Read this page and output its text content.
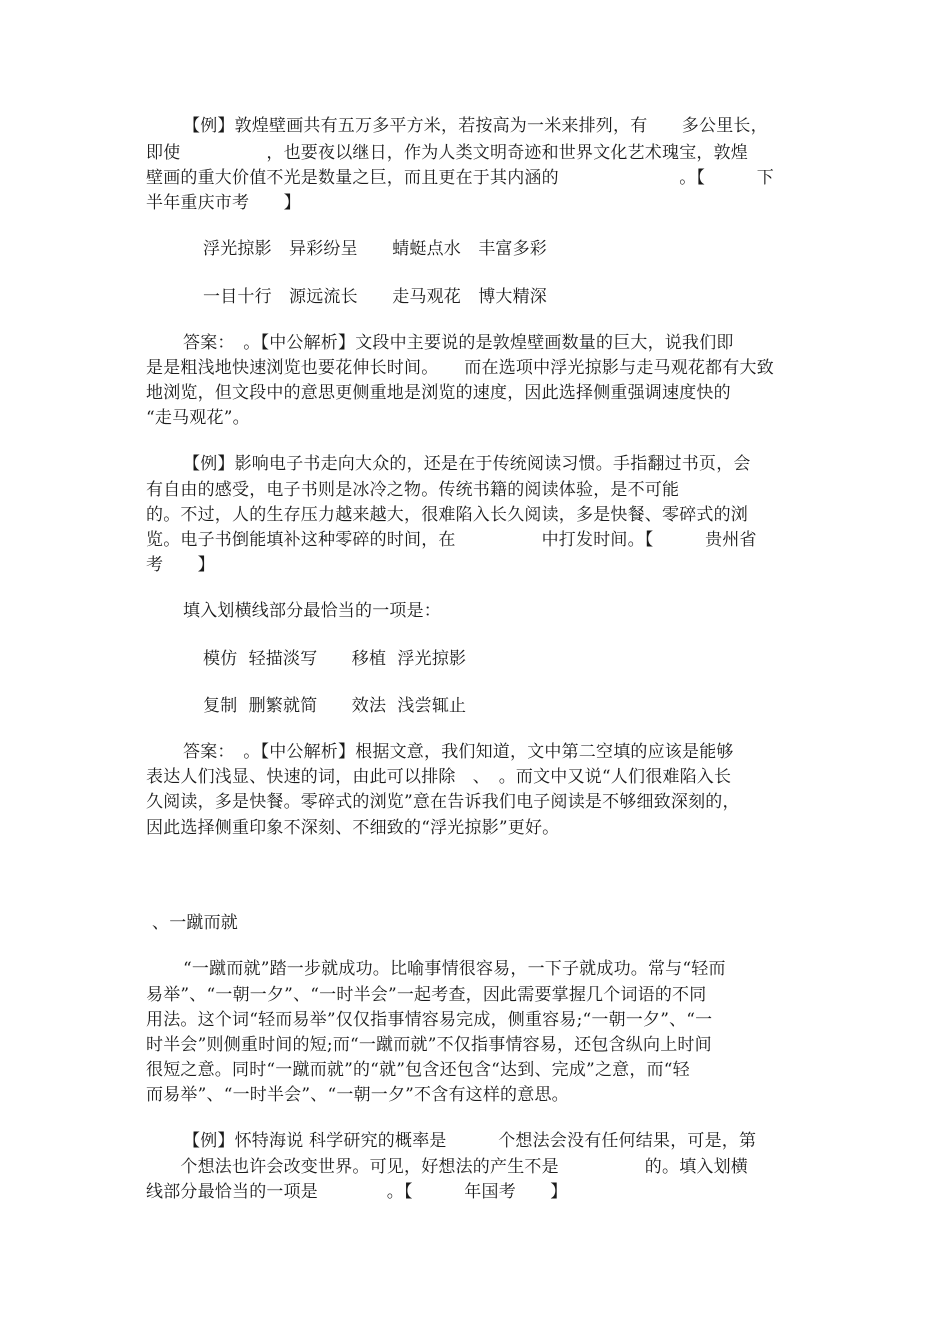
【例】敦煌壁画共有五万多平方米，若按高为一米来排列，有　　多公里长，
即使　　　　　，也要夜以继日，作为人类文明奇迹和世界文化艺术瑰宝，敦煌
壁画的重大价值不光是数量之巨，而且更在于其内涵的　　　　　　　。【　　　下
半年重庆市考　　】
浮光掠影　异彩纷呈　　蜻蜓点水　丰富多彩
一目十行　源远流长　　走马观花　博大精深
答案：　。【中公解析】文段中主要说的是敦煌壁画数量的巨大，说我们即
是是粗浅地快速浏览也要花伸长时间。　　而在选项中浮光掠影与走马观花都有大致
地浏览，但文段中的意思更侧重地是浏览的速度，因此选择侧重强调速度快的
“走马观花”。
【例】影响电子书走向大众的，还是在于传统阅读习惯。手指翻过书页，会
有自由的感受，电子书则是冰冷之物。传统书籍的阅读体验，是不可能
的。不过，人的生存压力越来越大，很难陷入长久阅读，多是快餐、零碎式的浏
览。电子书倒能填补这种零碎的时间，在　　　　　中打发时间。【　　　贵州省
考　　】
填入划横线部分最恰当的一项是：
模仿  轻描淡写　　移植  浮光掠影
复制  删繁就简　　效法  浅尝辄止
答案：　。【中公解析】根据文意，我们知道，文中第二空填的应该是能够
表达人们浅显、快速的词，由此可以排除　、　。而文中又说“人们很难陷入长
久阅读，多是快餐。零碎式的浏览”意在告诉我们电子阅读是不够细致深刻的，
因此选择侧重印象不深刻、不细致的“浮光掠影”更好。
、一蹴而就
“一蹴而就”踏一步就成功。比喻事情很容易，一下子就成功。常与“轻而
易举”、“一朝一夕”、“一时半会”一起考查，因此需要掌握几个词语的不同
用法。这个词“轻而易举”仅仅指事情容易完成，侧重容易;“一朝一夕”、“一
时半会”则侧重时间的短;而“一蹴而就”不仅指事情容易，还包含纵向上时间
很短之意。同时“一蹴而就”的“就”包含还包含“达到、完成”之意，而“轻
而易举”、“一时半会”、“一朝一夕”不含有这样的意思。
【例】怀特海说 科学研究的概率是　　　个想法会没有任何结果，可是，第
　　个想法也许会改变世界。可见，好想法的产生不是　　　　　的。填入划横
线部分最恰当的一项是　　　　。【　　　年国考　　】
